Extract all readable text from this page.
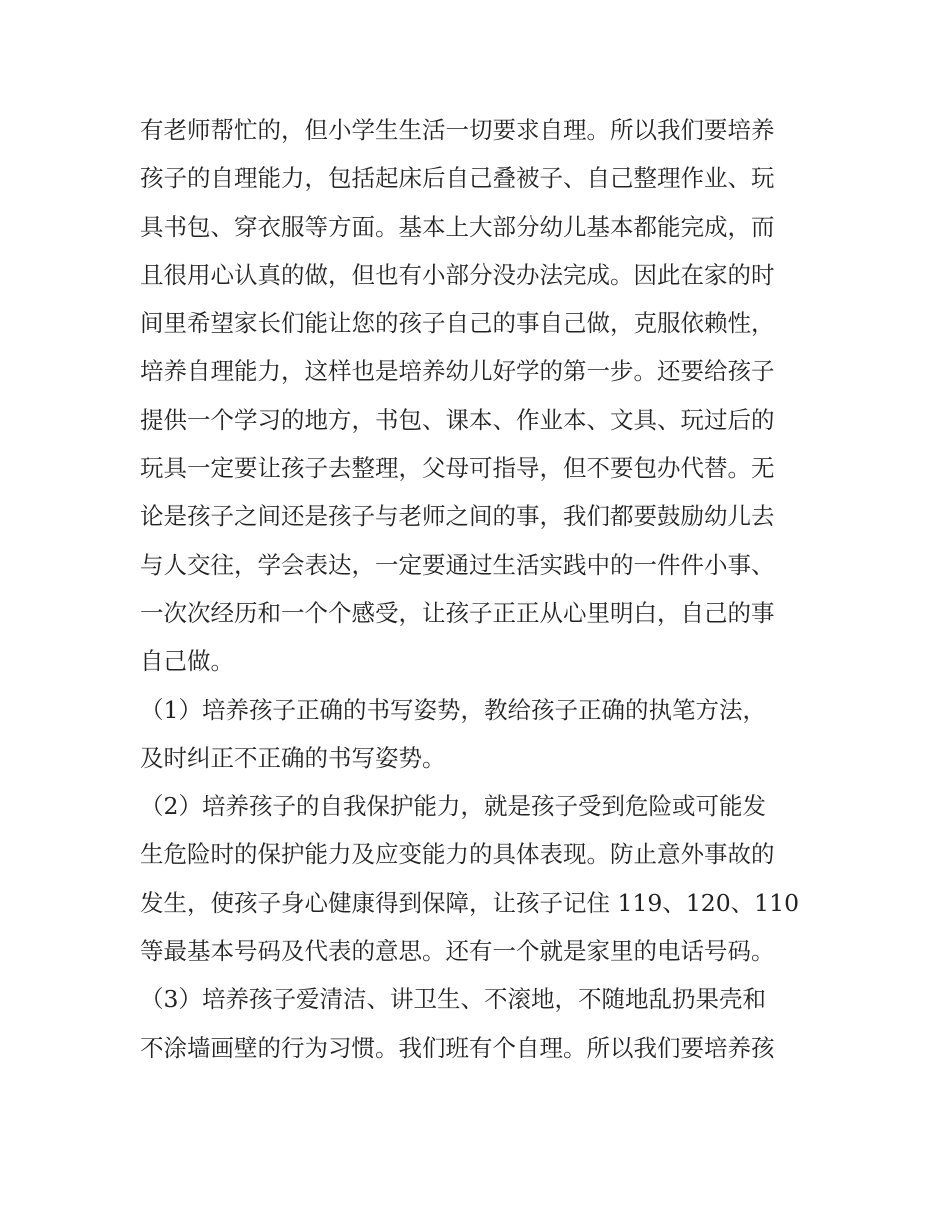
有老师帮忙的，但小学生生活一切要求自理。所以我们要培养
孩子的自理能力，包括起床后自己叠被子、自己整理作业、玩
具书包、穿衣服等方面。基本上大部分幼儿基本都能完成，而
且很用心认真的做，但也有小部分没办法完成。因此在家的时
间里希望家长们能让您的孩子自己的事自己做，克服依赖性，
培养自理能力，这样也是培养幼儿好学的第一步。还要给孩子
提供一个学习的地方，书包、课本、作业本、文具、玩过后的
玩具一定要让孩子去整理，父母可指导，但不要包办代替。无
论是孩子之间还是孩子与老师之间的事，我们都要鼓励幼儿去
与人交往，学会表达，一定要通过生活实践中的一件件小事、
一次次经历和一个个感受，让孩子正正从心里明白，自己的事
自己做。
（1）培养孩子正确的书写姿势，教给孩子正确的执笔方法，
及时纠正不正确的书写姿势。
（2）培养孩子的自我保护能力，就是孩子受到危险或可能发
生危险时的保护能力及应变能力的具体表现。防止意外事故的
发生，使孩子身心健康得到保障，让孩子记住 119、120、110
等最基本号码及代表的意思。还有一个就是家里的电话号码。
（3）培养孩子爱清洁、讲卫生、不滚地，不随地乱扔果壳和
不涂墙画壁的行为习惯。我们班有个自理。所以我们要培养孩
